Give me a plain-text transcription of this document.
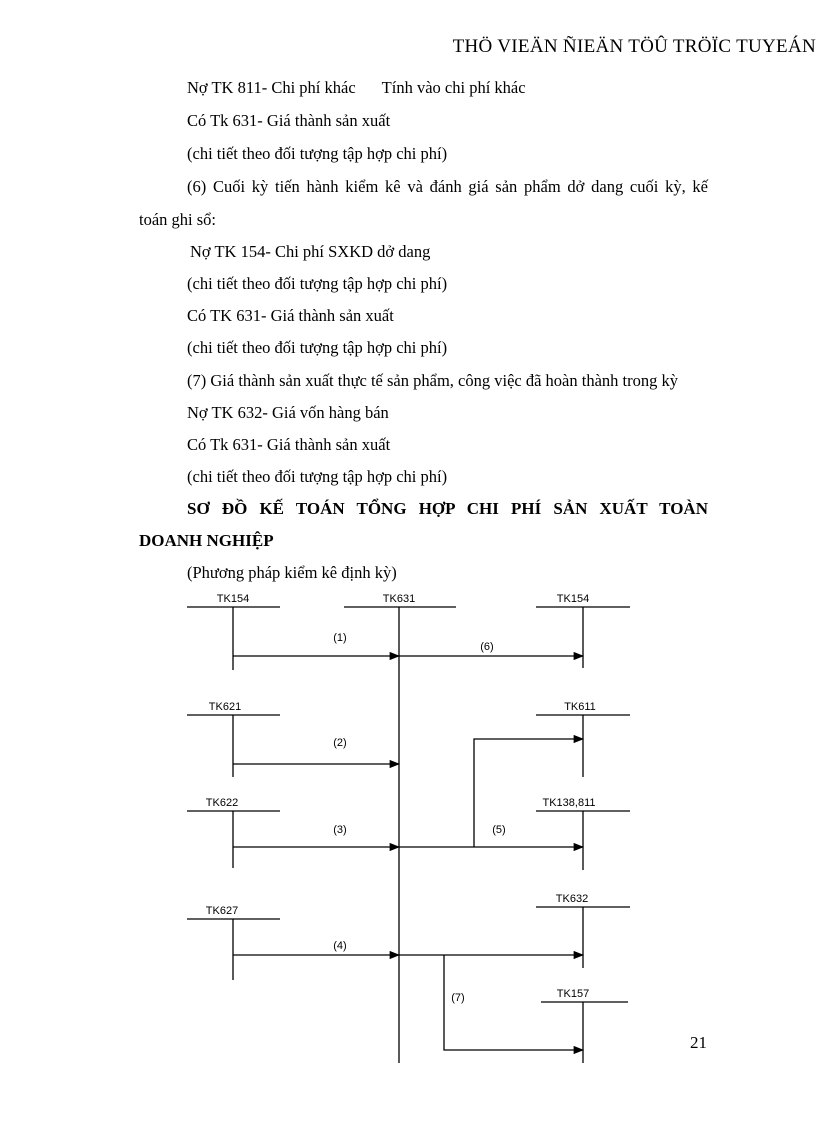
THÖ VIEÄN ÑIEÄN TÖÛ TRÖÏC TUYEÁN
Nợ TK 811- Chi phí khác Tính vào chi phí khác
Có Tk 631- Giá thành sản xuất
(chi tiết theo đối tượng tập hợp chi phí)
(6) Cuối kỳ tiến hành kiểm kê và đánh giá sản phẩm dở dang cuối kỳ, kế
toán ghi sổ:
Nợ TK 154- Chi phí SXKD dở dang
(chi tiết theo đối tượng tập hợp chi phí)
Có TK 631- Giá thành sản xuất
(chi tiết theo đối tượng tập hợp chi phí)
(7) Giá thành sản xuất thực tế sản phẩm, công việc đã hoàn thành trong kỳ
Nợ TK 632- Giá vốn hàng bán
Có Tk 631- Giá thành sản xuất
(chi tiết theo đối tượng tập hợp chi phí)
SƠ ĐỒ KẾ TOÁN TỔNG HỢP CHI PHÍ SẢN XUẤT TOÀN
DOANH NGHIỆP
(Phương pháp kiểm kê định kỳ)
TK154	TK631	TK154
TK621	TK611
TK622	TK138,811
TK627
TK632
TK157
(1)
(6)
(2)
(3)	(5)
(4)
(7)
21
